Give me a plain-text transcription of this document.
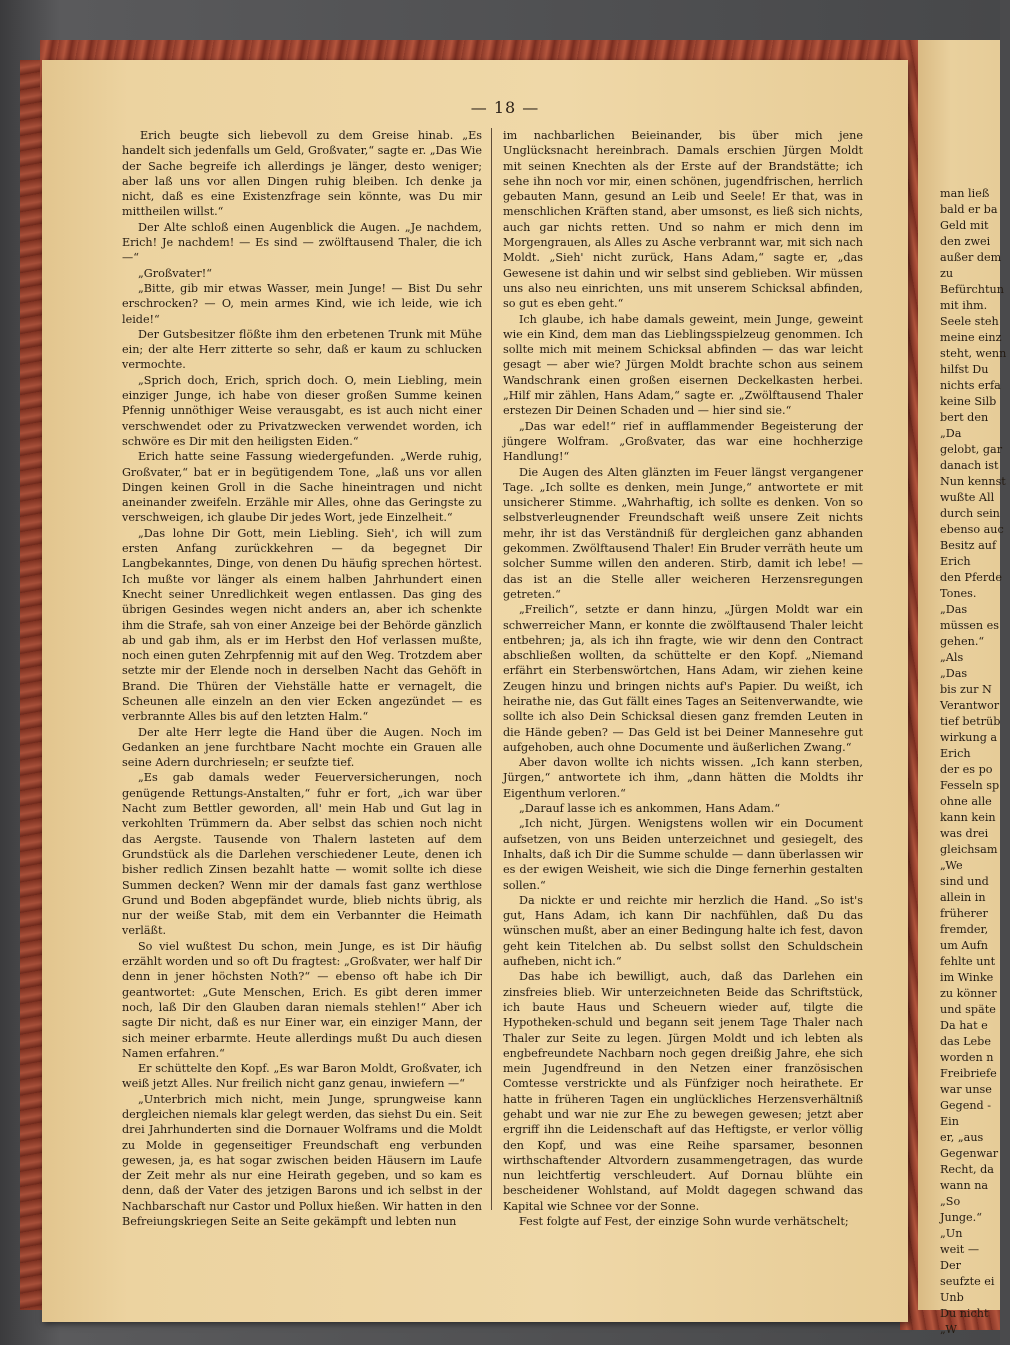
man ließ
bald er ba
Geld mit
den zwei
außer dem
zu
Befürchtun
mit ihm.
Seele steh
meine einz
steht, wenn
hilfst Du
nichts erfa
keine Silb
bert den
„Da
gelobt, gar
danach ist
Nun kennst
wußte All
durch sein
ebenso auc
Besitz auf
Erich
den Pferde
Tones.
„Das
müssen es
gehen.“
„Als
„Das
bis zur N
Verantwor
tief betrüb
wirkung a
Erich
der es po
Fesseln sp
ohne alle
kann kein
was drei
gleichsam
„We
sind und
allein in
früherer
fremder,
um Aufn
fehlte unt
im Winke
zu könner
und späte
Da hat e
das Lebe
worden n
Freibriefe
war unse
Gegend -
Ein
er, „aus
Gegenwar
Recht, da
wann na
„So
Junge.“
„Un
weit —
Der
seufzte ei
Unb
Du nicht
„W
— 18 —

Erich beugte sich liebevoll zu dem Greise hinab. „Es handelt sich jedenfalls um Geld, Großvater,“ sagte er. „Das Wie der Sache begreife ich allerdings je länger, desto weniger; aber laß uns vor allen Dingen ruhig bleiben. Ich denke ja nicht, daß es eine Existenzfrage sein könnte, was Du mir mittheilen willst.“

Der Alte schloß einen Augenblick die Augen. „Je nachdem, Erich! Je nachdem! — Es sind — zwölftausend Thaler, die ich —“

„Großvater!“

„Bitte, gib mir etwas Wasser, mein Junge! — Bist Du sehr erschrocken? — O, mein armes Kind, wie ich leide, wie ich leide!“

Der Gutsbesitzer flößte ihm den erbetenen Trunk mit Mühe ein; der alte Herr zitterte so sehr, daß er kaum zu schlucken vermochte.

„Sprich doch, Erich, sprich doch. O, mein Liebling, mein einziger Junge, ich habe von dieser großen Summe keinen Pfennig unnöthiger Weise verausgabt, es ist auch nicht einer verschwendet oder zu Privatzwecken verwendet worden, ich schwöre es Dir mit den heiligsten Eiden.“

Erich hatte seine Fassung wiedergefunden. „Werde ruhig, Großvater,“ bat er in begütigendem Tone, „laß uns vor allen Dingen keinen Groll in die Sache hineintragen und nicht aneinander zweifeln. Erzähle mir Alles, ohne das Geringste zu verschweigen, ich glaube Dir jedes Wort, jede Einzelheit.“

„Das lohne Dir Gott, mein Liebling. Sieh', ich will zum ersten Anfang zurückkehren — da begegnet Dir Langbekanntes, Dinge, von denen Du häufig sprechen hörtest. Ich mußte vor länger als einem halben Jahrhundert einen Knecht seiner Unredlichkeit wegen entlassen. Das ging des übrigen Gesindes wegen nicht anders an, aber ich schenkte ihm die Strafe, sah von einer Anzeige bei der Behörde gänzlich ab und gab ihm, als er im Herbst den Hof verlassen mußte, noch einen guten Zehrpfennig mit auf den Weg. Trotzdem aber setzte mir der Elende noch in derselben Nacht das Gehöft in Brand. Die Thüren der Viehställe hatte er vernagelt, die Scheunen alle einzeln an den vier Ecken angezündet — es verbrannte Alles bis auf den letzten Halm.“

Der alte Herr legte die Hand über die Augen. Noch im Gedanken an jene furchtbare Nacht mochte ein Grauen alle seine Adern durchrieseln; er seufzte tief.

„Es gab damals weder Feuerversicherungen, noch genügende Rettungs-Anstalten,“ fuhr er fort, „ich war über Nacht zum Bettler geworden, all' mein Hab und Gut lag in verkohlten Trümmern da. Aber selbst das schien noch nicht das Aergste. Tausende von Thalern lasteten auf dem Grundstück als die Darlehen verschiedener Leute, denen ich bisher redlich Zinsen bezahlt hatte — womit sollte ich diese Summen decken? Wenn mir der damals fast ganz werthlose Grund und Boden abgepfändet wurde, blieb nichts übrig, als nur der weiße Stab, mit dem ein Verbannter die Heimath verläßt.

So viel wußtest Du schon, mein Junge, es ist Dir häufig erzählt worden und so oft Du fragtest: „Großvater, wer half Dir denn in jener höchsten Noth?“ — ebenso oft habe ich Dir geantwortet: „Gute Menschen, Erich. Es gibt deren immer noch, laß Dir den Glauben daran niemals stehlen!“ Aber ich sagte Dir nicht, daß es nur Einer war, ein einziger Mann, der sich meiner erbarmte. Heute allerdings mußt Du auch diesen Namen erfahren.“

Er schüttelte den Kopf. „Es war Baron Moldt, Großvater, ich weiß jetzt Alles. Nur freilich nicht ganz genau, inwiefern —“

„Unterbrich mich nicht, mein Junge, sprungweise kann dergleichen niemals klar gelegt werden, das siehst Du ein. Seit drei Jahrhunderten sind die Dornauer Wolframs und die Moldt zu Molde in gegenseitiger Freundschaft eng verbunden gewesen, ja, es hat sogar zwischen beiden Häusern im Laufe der Zeit mehr als nur eine Heirath gegeben, und so kam es denn, daß der Vater des jetzigen Barons und ich selbst in der Nachbarschaft nur Castor und Pollux hießen. Wir hatten in den Befreiungskriegen Seite an Seite gekämpft und lebten nun

im nachbarlichen Beieinander, bis über mich jene Unglücksnacht hereinbrach. Damals erschien Jürgen Moldt mit seinen Knechten als der Erste auf der Brandstätte; ich sehe ihn noch vor mir, einen schönen, jugendfrischen, herrlich gebauten Mann, gesund an Leib und Seele! Er that, was in menschlichen Kräften stand, aber umsonst, es ließ sich nichts, auch gar nichts retten. Und so nahm er mich denn im Morgengrauen, als Alles zu Asche verbrannt war, mit sich nach Moldt. „Sieh' nicht zurück, Hans Adam,“ sagte er, „das Gewesene ist dahin und wir selbst sind geblieben. Wir müssen uns also neu einrichten, uns mit unserem Schicksal abfinden, so gut es eben geht.“

Ich glaube, ich habe damals geweint, mein Junge, geweint wie ein Kind, dem man das Lieblingsspielzeug genommen. Ich sollte mich mit meinem Schicksal abfinden — das war leicht gesagt — aber wie? Jürgen Moldt brachte schon aus seinem Wandschrank einen großen eisernen Deckelkasten herbei. „Hilf mir zählen, Hans Adam,“ sagte er. „Zwölftausend Thaler erstezen Dir Deinen Schaden und — hier sind sie.“

„Das war edel!“ rief in aufflammender Begeisterung der jüngere Wolfram. „Großvater, das war eine hochherzige Handlung!“

Die Augen des Alten glänzten im Feuer längst vergangener Tage. „Ich sollte es denken, mein Junge,“ antwortete er mit unsicherer Stimme. „Wahrhaftig, ich sollte es denken. Von so selbstverleugnender Freundschaft weiß unsere Zeit nichts mehr, ihr ist das Verständniß für dergleichen ganz abhanden gekommen. Zwölftausend Thaler! Ein Bruder verräth heute um solcher Summe willen den anderen. Stirb, damit ich lebe! — das ist an die Stelle aller weicheren Herzensregungen getreten.“

„Freilich“, setzte er dann hinzu, „Jürgen Moldt war ein schwerreicher Mann, er konnte die zwölftausend Thaler leicht entbehren; ja, als ich ihn fragte, wie wir denn den Contract abschließen wollten, da schüttelte er den Kopf. „Niemand erfährt ein Sterbenswörtchen, Hans Adam, wir ziehen keine Zeugen hinzu und bringen nichts auf's Papier. Du weißt, ich heirathe nie, das Gut fällt eines Tages an Seitenverwandte, wie sollte ich also Dein Schicksal diesen ganz fremden Leuten in die Hände geben? — Das Geld ist bei Deiner Mannesehre gut aufgehoben, auch ohne Documente und äußerlichen Zwang.“

Aber davon wollte ich nichts wissen. „Ich kann sterben, Jürgen,“ antwortete ich ihm, „dann hätten die Moldts ihr Eigenthum verloren.“

„Darauf lasse ich es ankommen, Hans Adam.“

„Ich nicht, Jürgen. Wenigstens wollen wir ein Document aufsetzen, von uns Beiden unterzeichnet und gesiegelt, des Inhalts, daß ich Dir die Summe schulde — dann überlassen wir es der ewigen Weisheit, wie sich die Dinge fernerhin gestalten sollen.“

Da nickte er und reichte mir herzlich die Hand. „So ist's gut, Hans Adam, ich kann Dir nachfühlen, daß Du das wünschen mußt, aber an einer Bedingung halte ich fest, davon geht kein Titelchen ab. Du selbst sollst den Schuldschein aufheben, nicht ich.“

Das habe ich bewilligt, auch, daß das Darlehen ein zinsfreies blieb. Wir unterzeichneten Beide das Schriftstück, ich baute Haus und Scheuern wieder auf, tilgte die Hypotheken-schuld und begann seit jenem Tage Thaler nach Thaler zur Seite zu legen. Jürgen Moldt und ich lebten als engbefreundete Nachbarn noch gegen dreißig Jahre, ehe sich mein Jugendfreund in den Netzen einer französischen Comtesse verstrickte und als Fünfziger noch heirathete. Er hatte in früheren Tagen ein unglückliches Herzensverhältniß gehabt und war nie zur Ehe zu bewegen gewesen; jetzt aber ergriff ihn die Leidenschaft auf das Heftigste, er verlor völlig den Kopf, und was eine Reihe sparsamer, besonnen wirthschaftender Altvordern zusammengetragen, das wurde nun leichtfertig verschleudert. Auf Dornau blühte ein bescheidener Wohlstand, auf Moldt dagegen schwand das Kapital wie Schnee vor der Sonne.

Fest folgte auf Fest, der einzige Sohn wurde verhätschelt;
